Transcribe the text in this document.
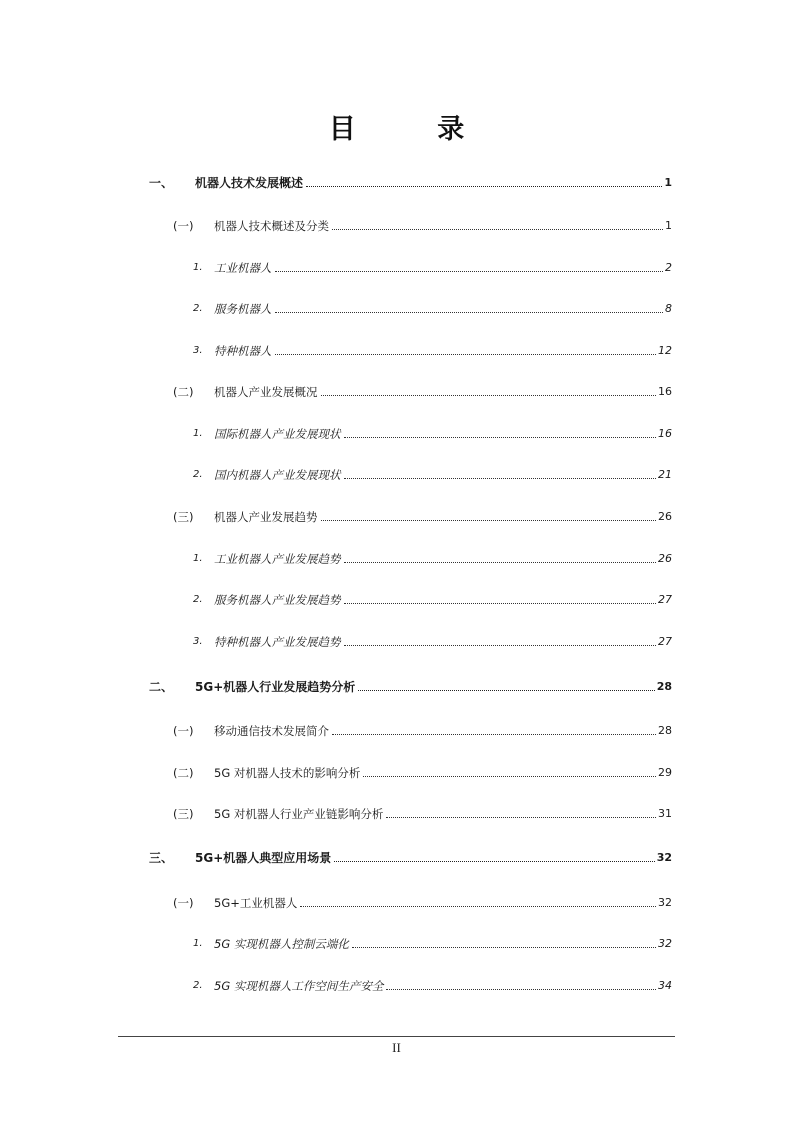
目 录
一、	机器人技术发展概述	1
(一)	机器人技术概述及分类	1
1. 工业机器人	2
2. 服务机器人	8
3. 特种机器人	12
(二)	机器人产业发展概况	16
1. 国际机器人产业发展现状	16
2. 国内机器人产业发展现状	21
(三)	机器人产业发展趋势	26
1. 工业机器人产业发展趋势	26
2. 服务机器人产业发展趋势	27
3. 特种机器人产业发展趋势	27
二、	5G+机器人行业发展趋势分析	28
(一)	移动通信技术发展简介	28
(二)	5G 对机器人技术的影响分析	29
(三)	5G 对机器人行业产业链影响分析	31
三、	5G+机器人典型应用场景	32
(一)	5G+工业机器人	32
1. 5G 实现机器人控制云端化	32
2. 5G 实现机器人工作空间生产安全	34
II
